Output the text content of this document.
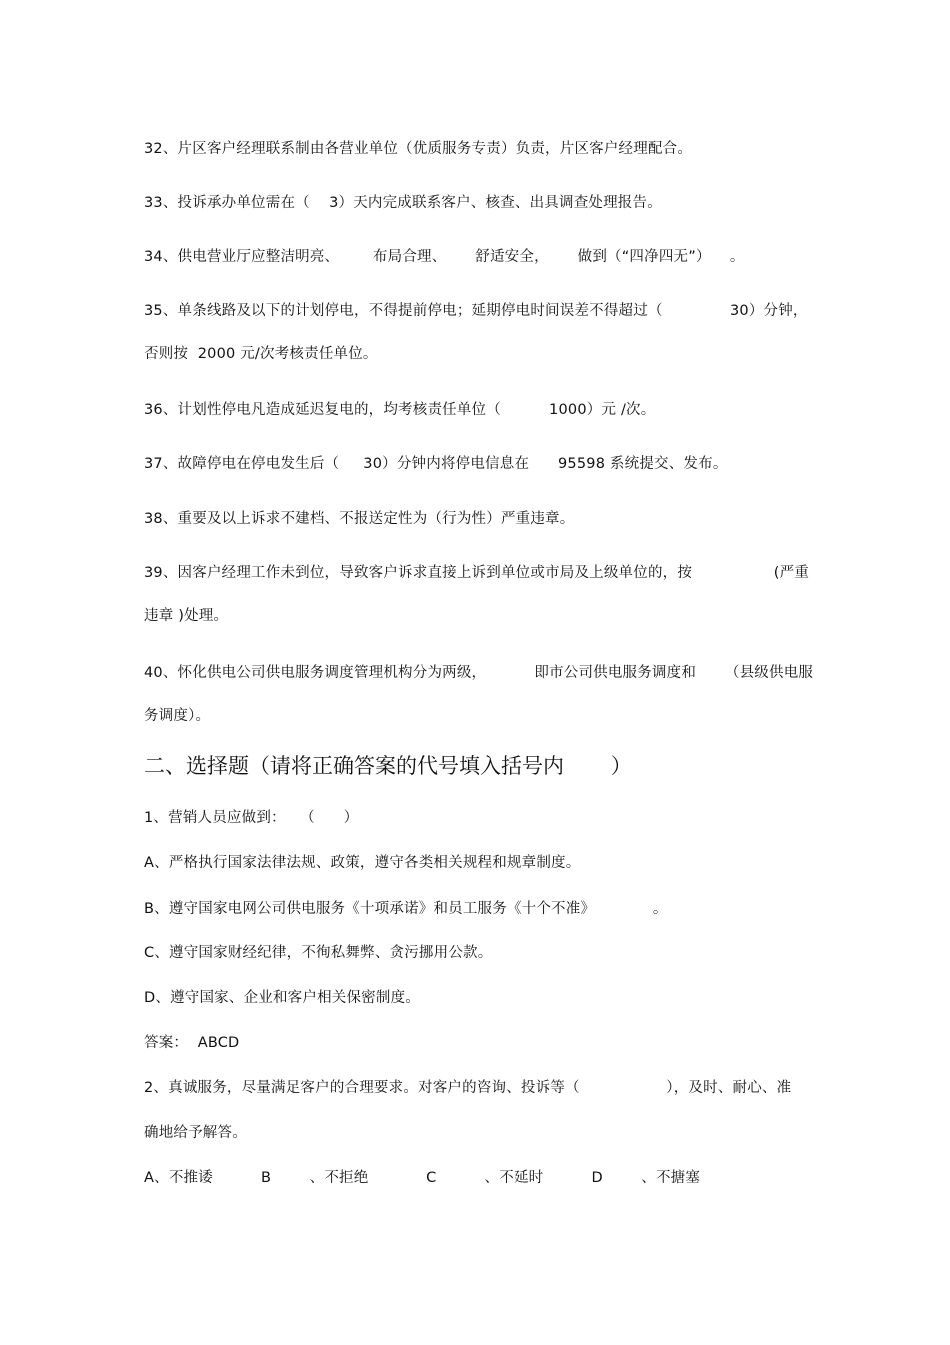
32、片区客户经理联系制由各营业单位（优质服务专责）负责，片区客户经理配合。

33、投诉承办单位需在（    3）天内完成联系客户、核查、出具调查处理报告。

34、供电营业厅应整洁明亮、       布局合理、      舒适安全，      做到（“四净四无”）    。

35、单条线路及以下的计划停电，不得提前停电；延期停电时间误差不得超过（              30）分钟，

否则按  2000 元/次考核责任单位。

36、计划性停电凡造成延迟复电的，均考核责任单位（          1000）元 /次。

37、故障停电在停电发生后（     30）分钟内将停电信息在      95598 系统提交、发布。

38、重要及以上诉求不建档、不报送定性为（行为性）严重违章。

39、因客户经理工作未到位，导致客户诉求直接上诉到单位或市局及上级单位的，按                 (严重

违章 )处理。

40、怀化供电公司供电服务调度管理机构分为两级，          即市公司供电服务调度和      （县级供电服

务调度）。

二、选择题（请将正确答案的代号填入括号内       ）

1、营销人员应做到：   （      ）

A、严格执行国家法律法规、政策，遵守各类相关规程和规章制度。

B、遵守国家电网公司供电服务《十项承诺》和员工服务《十个不准》            。

C、遵守国家财经纪律，不徇私舞弊、贪污挪用公款。

D、遵守国家、企业和客户相关保密制度。

答案：  ABCD

2、真诚服务，尽量满足客户的合理要求。对客户的咨询、投诉等（                  ），及时、耐心、准

确地给予解答。

A、不推诿          B        、不拒绝            C          、不延时          D        、不搪塞
